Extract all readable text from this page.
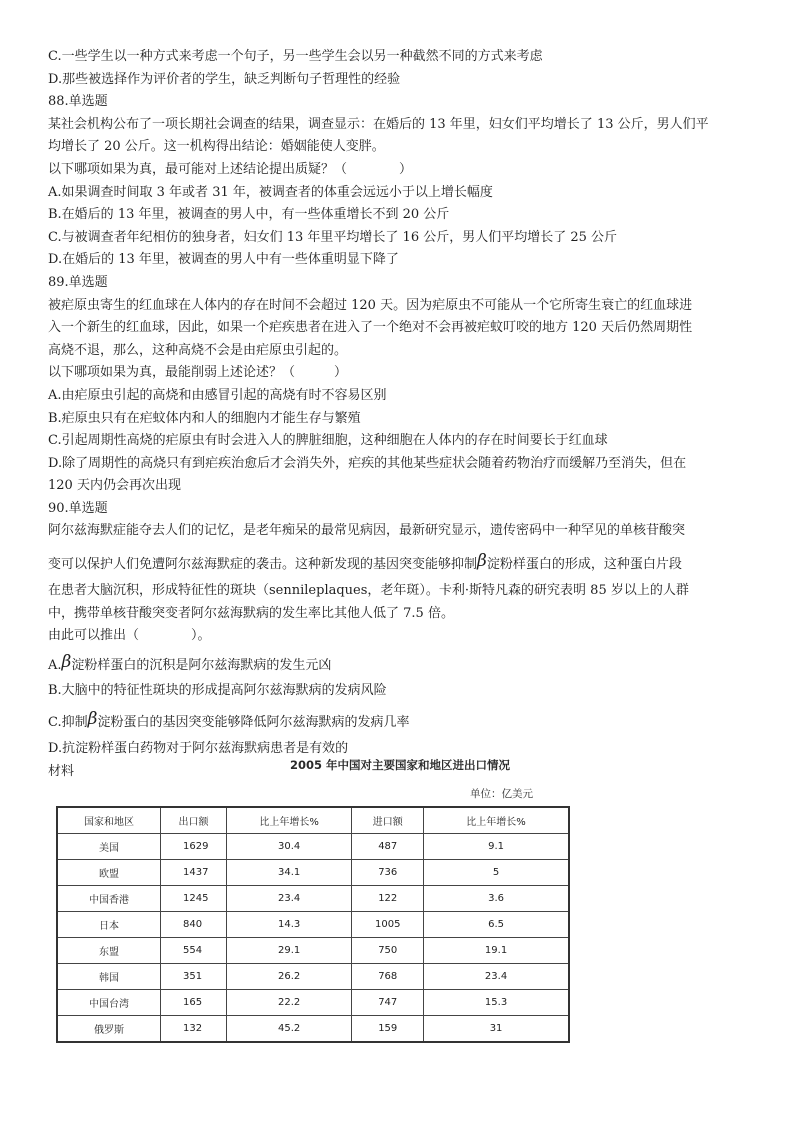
C.一些学生以一种方式来考虑一个句子，另一些学生会以另一种截然不同的方式来考虑
D.那些被选择作为评价者的学生，缺乏判断句子哲理性的经验
88.单选题
某社会机构公布了一项长期社会调查的结果，调查显示：在婚后的 13 年里，妇女们平均增长了 13 公斤，男人们平
均增长了 20 公斤。这一机构得出结论：婚姻能使人变胖。
以下哪项如果为真，最可能对上述结论提出质疑？（　　　　）
A.如果调查时间取 3 年或者 31 年，被调查者的体重会远远小于以上增长幅度
B.在婚后的 13 年里，被调查的男人中，有一些体重增长不到 20 公斤
C.与被调查者年纪相仿的独身者，妇女们 13 年里平均增长了 16 公斤，男人们平均增长了 25 公斤
D.在婚后的 13 年里，被调查的男人中有一些体重明显下降了
89.单选题
被疟原虫寄生的红血球在人体内的存在时间不会超过 120 天。因为疟原虫不可能从一个它所寄生衰亡的红血球进
入一个新生的红血球，因此，如果一个疟疾患者在进入了一个绝对不会再被疟蚊叮咬的地方 120 天后仍然周期性
高烧不退，那么，这种高烧不会是由疟原虫引起的。
以下哪项如果为真，最能削弱上述论述？（　　　）
A.由疟原虫引起的高烧和由感冒引起的高烧有时不容易区别
B.疟原虫只有在疟蚊体内和人的细胞内才能生存与繁殖
C.引起周期性高烧的疟原虫有时会进入人的脾脏细胞，这种细胞在人体内的存在时间要长于红血球
D.除了周期性的高烧只有到疟疾治愈后才会消失外，疟疾的其他某些症状会随着药物治疗而缓解乃至消失，但在
120 天内仍会再次出现
90.单选题
阿尔兹海默症能夺去人们的记忆，是老年痴呆的最常见病因，最新研究显示，遗传密码中一种罕见的单核苷酸突
变可以保护人们免遭阿尔兹海默症的袭击。这种新发现的基因突变能够抑制β淀粉样蛋白的形成，这种蛋白片段
在患者大脑沉积，形成特征性的斑块（sennileplaques，老年斑）。卡利·斯特凡森的研究表明 85 岁以上的人群
中，携带单核苷酸突变者阿尔兹海默病的发生率比其他人低了 7.5 倍。
由此可以推出（　　　　）。
A.β淀粉样蛋白的沉积是阿尔兹海默病的发生元凶
B.大脑中的特征性斑块的形成提高阿尔兹海默病的发病风险
C.抑制β淀粉蛋白的基因突变能够降低阿尔兹海默病的发病几率
D.抗淀粉样蛋白药物对于阿尔兹海默病患者是有效的
材料	2005 年中国对主要国家和地区进出口情况
单位：亿美元
国家和地区	出口额	比上年增长%	进口额	比上年增长%
美国	1629	30.4	487	9.1
欧盟	1437	34.1	736	5
中国香港	1245	23.4	122	3.6
日本	840	14.3	1005	6.5
东盟	554	29.1	750	19.1
韩国	351	26.2	768	23.4
中国台湾	165	22.2	747	15.3
俄罗斯	132	45.2	159	31
